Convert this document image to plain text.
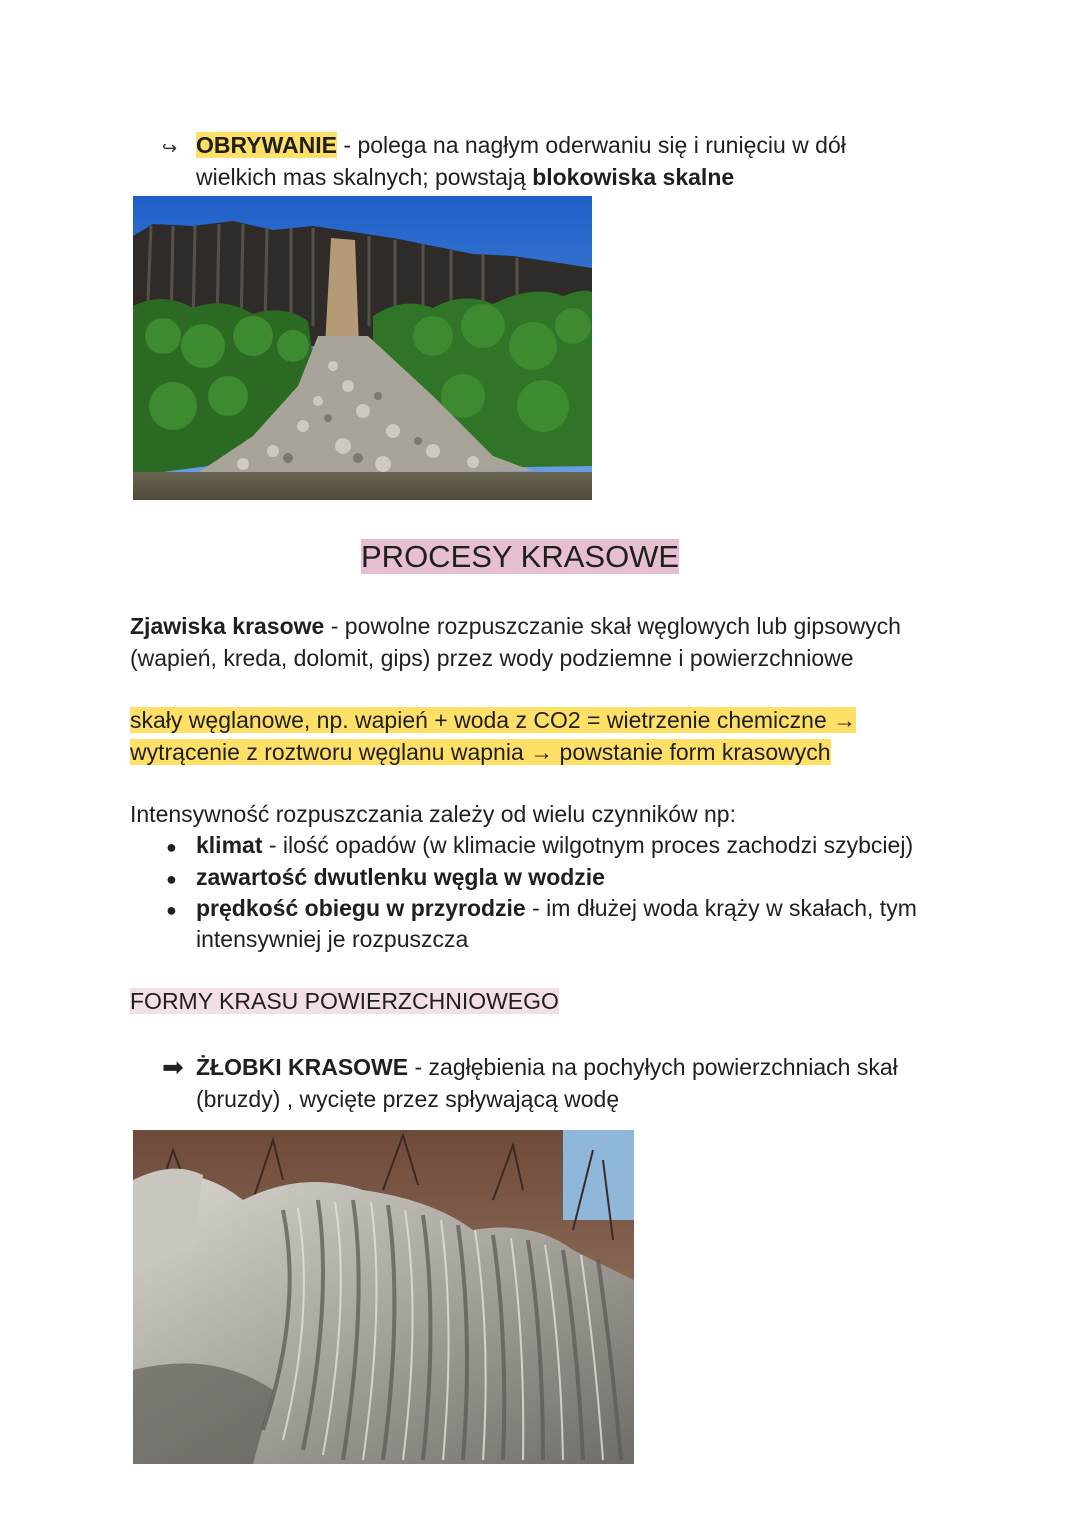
↪ OBRYWANIE - polega na nagłym oderwaniu się i runięciu w dół
wielkich mas skalnych; powstają blokowiska skalne
PROCESY KRASOWE
Zjawiska krasowe - powolne rozpuszczanie skał węglowych lub gipsowych
(wapień, kreda, dolomit, gips) przez wody podziemne i powierzchniowe
skały węglanowe, np. wapień + woda z CO2 = wietrzenie chemiczne →
wytrącenie z roztworu węglanu wapnia → powstanie form krasowych
Intensywność rozpuszczania zależy od wielu czynników np:
● klimat - ilość opadów (w klimacie wilgotnym proces zachodzi szybciej)
● zawartość dwutlenku węgla w wodzie
● prędkość obiegu w przyrodzie - im dłużej woda krąży w skałach, tym
intensywniej je rozpuszcza
FORMY KRASU POWIERZCHNIOWEGO
➡ ŻŁOBKI KRASOWE - zagłębienia na pochyłych powierzchniach skał
(bruzdy) , wycięte przez spływającą wodę
